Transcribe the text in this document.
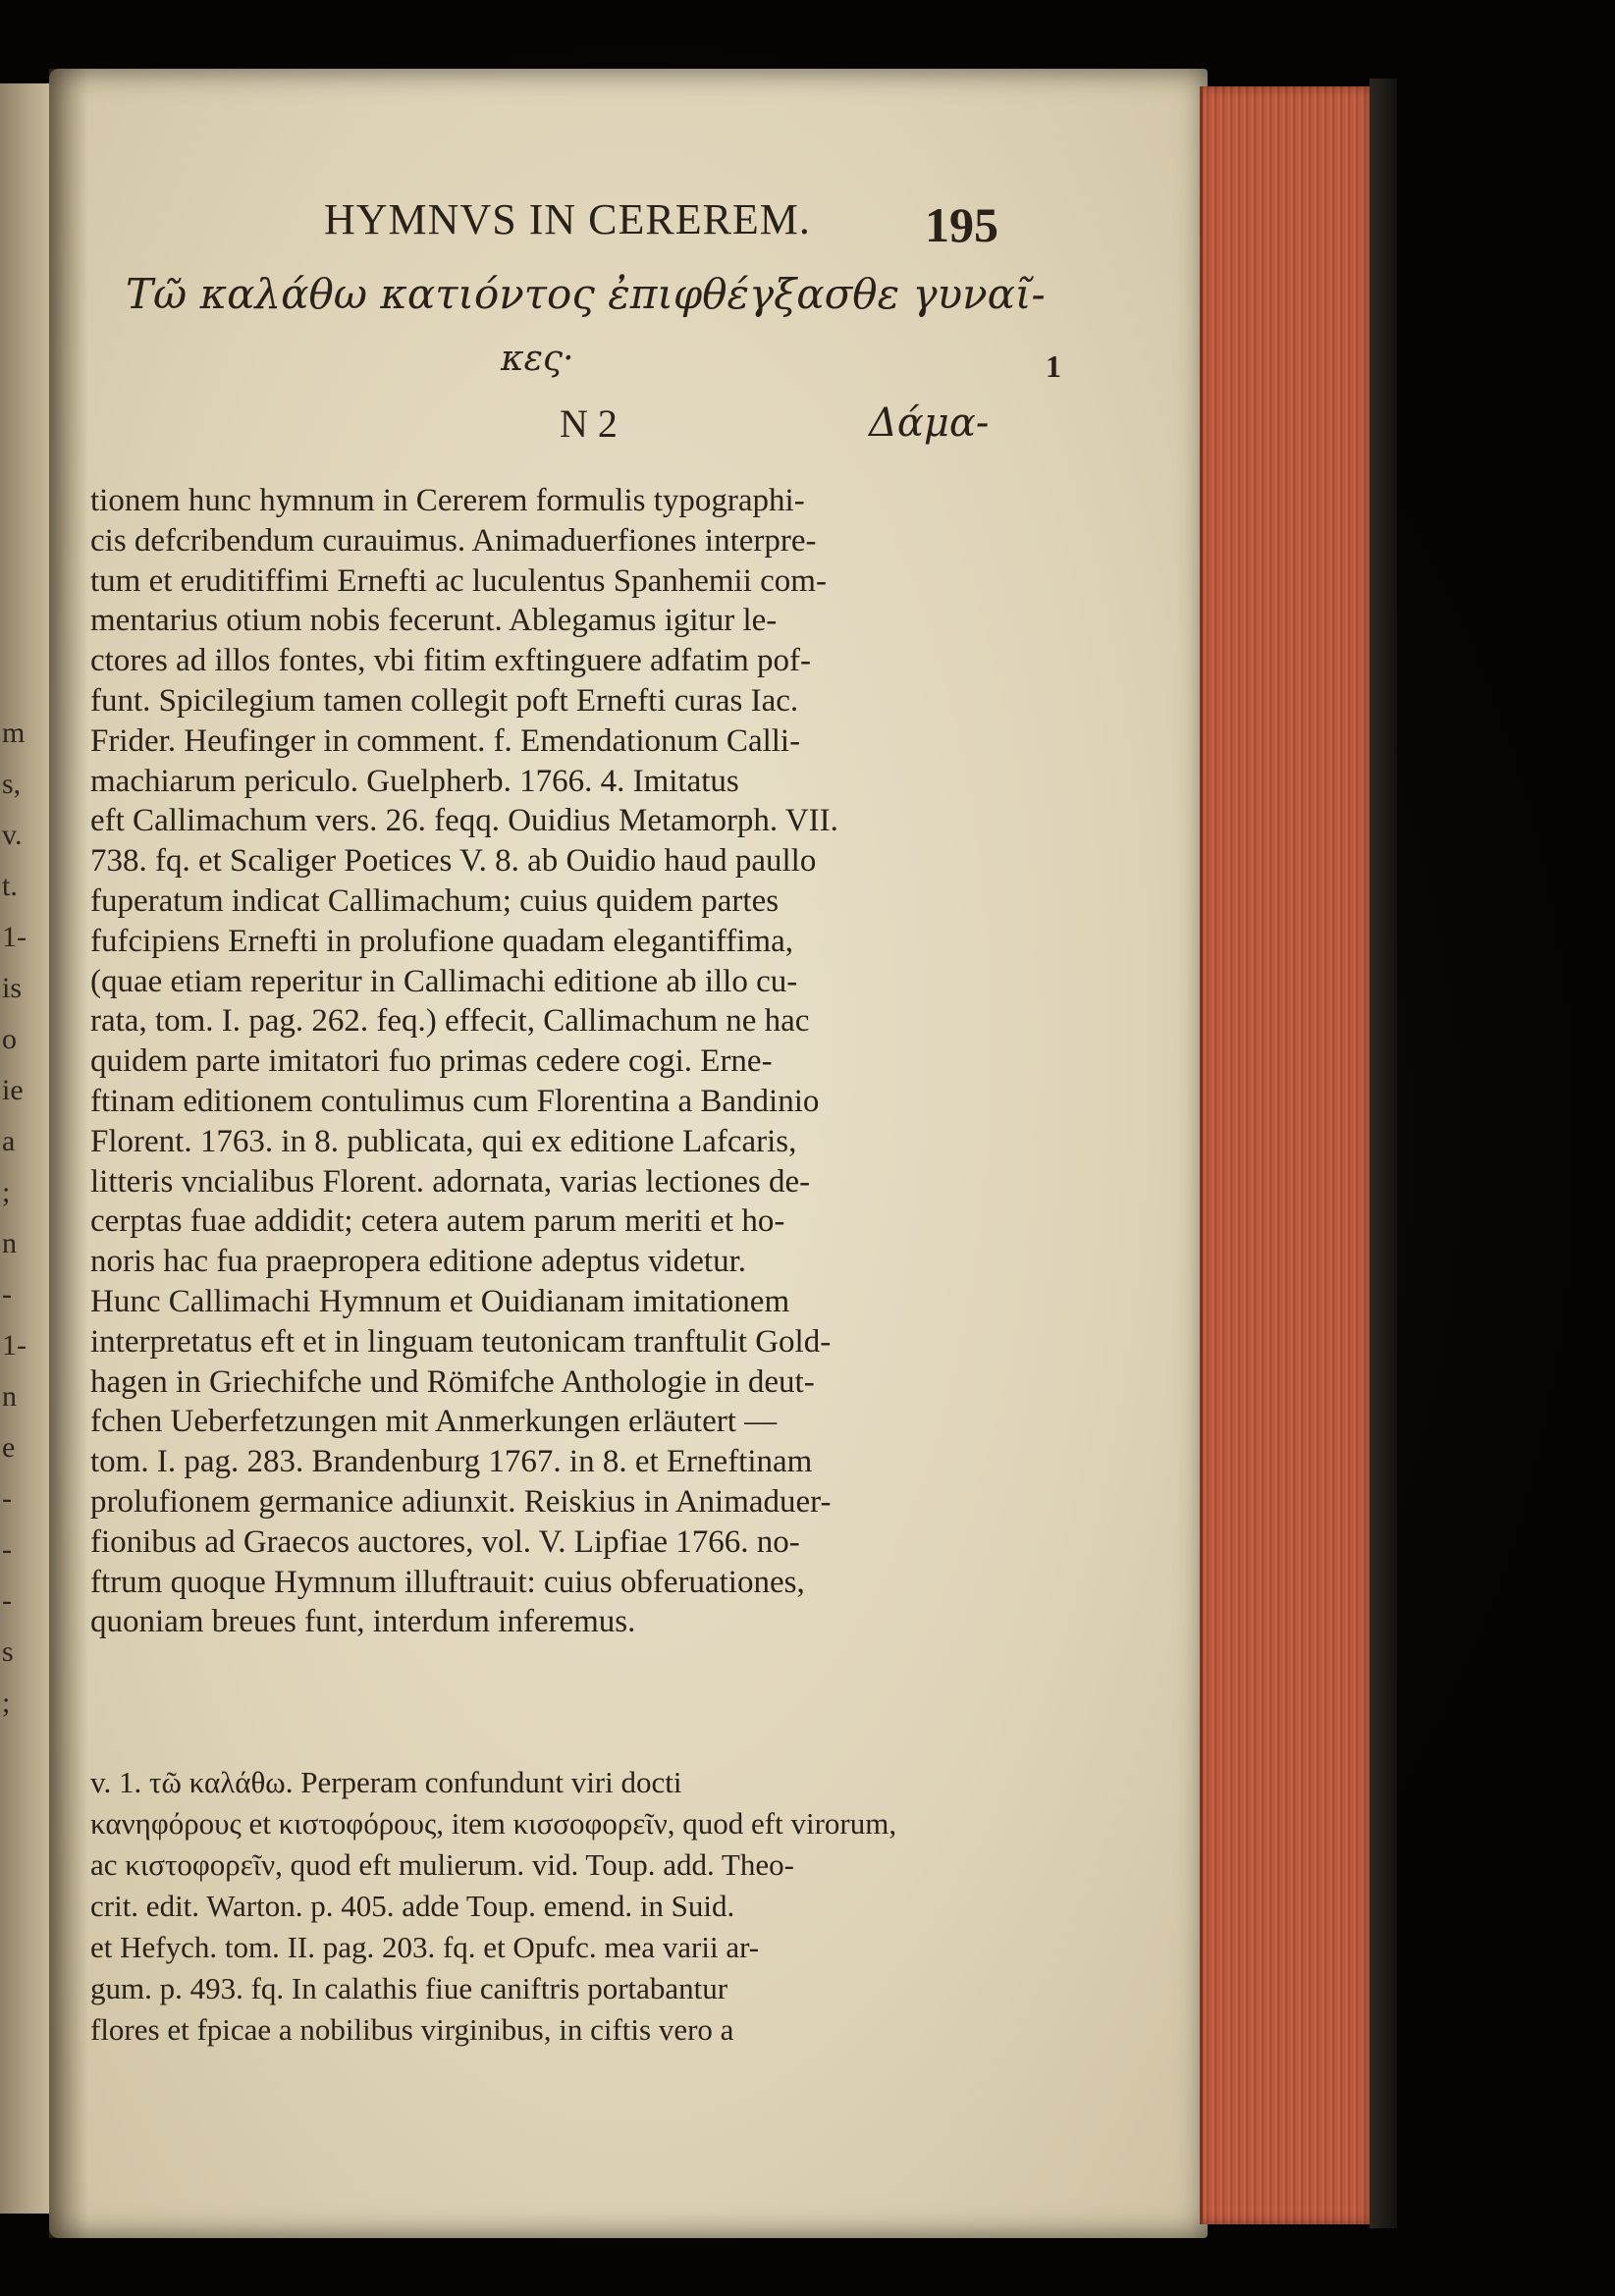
m
s,
v.
t.
1-
is
o
ie
a
;
n
-
1-
n
e
-
-
-
s
;
HYMNVS IN CEREREM. 195
Τῶ καλάθω κατιόντος ἐπιφθέγξασθε γυναῖ-
κες·	1
N 2	Δάμα-
tionem hunc hymnum in Cererem formulis typographi-
cis defcribendum curauimus. Animaduerfiones interpre-
tum et eruditiffimi Ernefti ac luculentus Spanhemii com-
mentarius otium nobis fecerunt. Ablegamus igitur le-
ctores ad illos fontes, vbi fitim exftinguere adfatim pof-
funt. Spicilegium tamen collegit poft Ernefti curas Iac.
Frider. Heufinger in comment. f. Emendationum Calli-
machiarum periculo. Guelpherb. 1766. 4. Imitatus
eft Callimachum vers. 26. feqq. Ouidius Metamorph. VII.
738. fq. et Scaliger Poetices V. 8. ab Ouidio haud paullo
fuperatum indicat Callimachum; cuius quidem partes
fufcipiens Ernefti in prolufione quadam elegantiffima,
(quae etiam reperitur in Callimachi editione ab illo cu-
rata, tom. I. pag. 262. feq.) effecit, Callimachum ne hac
quidem parte imitatori fuo primas cedere cogi. Erne-
ftinam editionem contulimus cum Florentina a Bandinio
Florent. 1763. in 8. publicata, qui ex editione Lafcaris,
litteris vncialibus Florent. adornata, varias lectiones de-
cerptas fuae addidit; cetera autem parum meriti et ho-
noris hac fua praepropera editione adeptus videtur.
Hunc Callimachi Hymnum et Ouidianam imitationem
interpretatus eft et in linguam teutonicam tranftulit Gold-
hagen in Griechifche und Römifche Anthologie in deut-
fchen Ueberfetzungen mit Anmerkungen erläutert —
tom. I. pag. 283. Brandenburg 1767. in 8. et Erneftinam
prolufionem germanice adiunxit. Reiskius in Animaduer-
fionibus ad Graecos auctores, vol. V. Lipfiae 1766. no-
ftrum quoque Hymnum illuftrauit: cuius obferuationes,
quoniam breues funt, interdum inferemus.
v. 1. τῶ καλάθω. Perperam confundunt viri docti
κανηφόρους et κιστοφόρους, item κισσοφορεῖν, quod eft virorum,
ac κιστοφορεῖν, quod eft mulierum. vid. Toup. add. Theo-
crit. edit. Warton. p. 405. adde Toup. emend. in Suid.
et Hefych. tom. II. pag. 203. fq. et Opufc. mea varii ar-
gum. p. 493. fq. In calathis fiue caniftris portabantur
flores et fpicae a nobilibus virginibus, in ciftis vero a
